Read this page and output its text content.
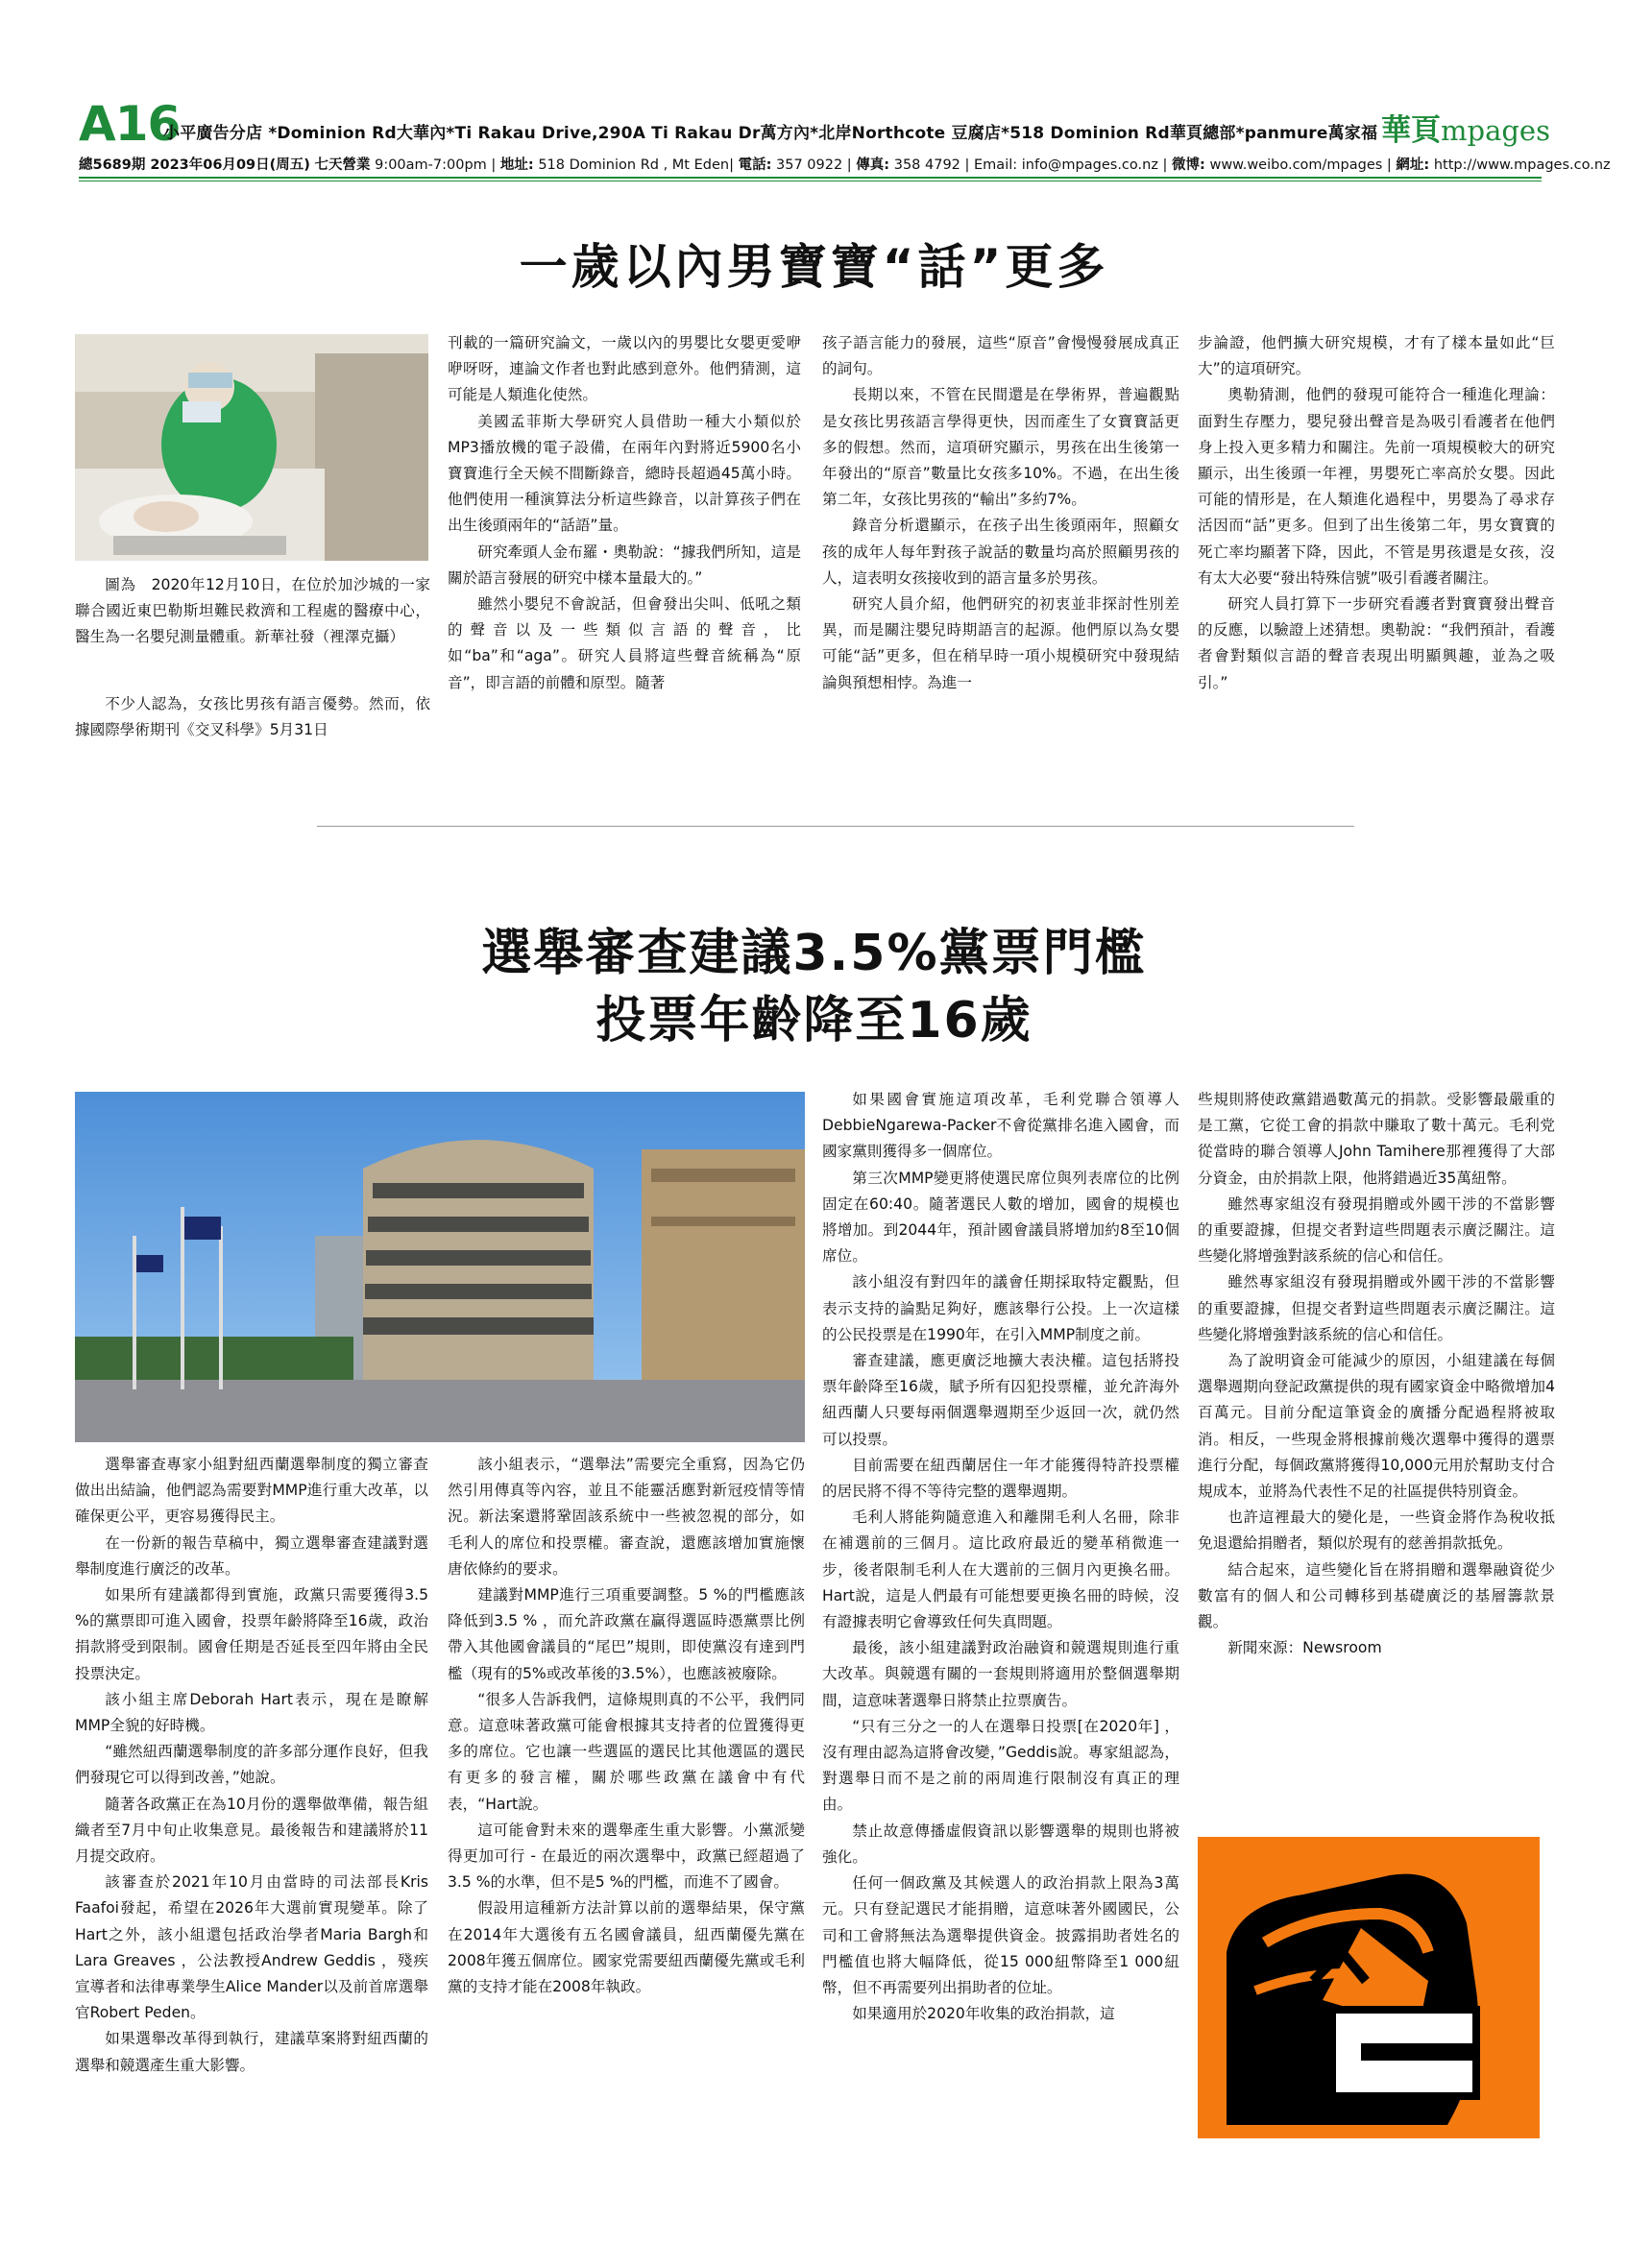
A16
小平廣告分店 *Dominion Rd大華內*Ti Rakau Drive,290A Ti Rakau Dr萬方內*北岸Northcote 豆腐店*518 Dominion Rd華頁總部*panmure萬家福 華頁mpages
總5689期 2023年06月09日(周五) 七天營業 9:00am-7:00pm | 地址: 518 Dominion Rd , Mt Eden| 電話: 357 0922 | 傳真: 358 4792 | Email: info@mpages.co.nz | 微博: www.weibo.com/mpages | 網址: http://www.mpages.co.nz
一歲以內男寶寶“話”更多

圖為　2020年12月10日，在位於加沙城的一家聯合國近東巴勒斯坦難民救濟和工程處的醫療中心，醫生為一名嬰兒測量體重。新華社發（裡澤克攝）

不少人認為，女孩比男孩有語言優勢。然而，依據國際學術期刊《交叉科學》5月31日

刊載的一篇研究論文，一歲以內的男嬰比女嬰更愛咿咿呀呀，連論文作者也對此感到意外。他們猜測，這可能是人類進化使然。

美國孟菲斯大學研究人員借助一種大小類似於MP3播放機的電子設備，在兩年內對將近5900名小寶寶進行全天候不間斷錄音，總時長超過45萬小時。他們使用一種演算法分析這些錄音，以計算孩子們在出生後頭兩年的“話語”量。

研究牽頭人金布羅・奧勒說：“據我們所知，這是關於語言發展的研究中樣本量最大的。”

雖然小嬰兒不會說話，但會發出尖叫、低吼之類的聲音以及一些類似言語的聲音，比如“ba”和“aga”。研究人員將這些聲音統稱為“原音”，即言語的前體和原型。隨著

孩子語言能力的發展，這些“原音”會慢慢發展成真正的詞句。

長期以來，不管在民間還是在學術界，普遍觀點是女孩比男孩語言學得更快，因而產生了女寶寶話更多的假想。然而，這項研究顯示，男孩在出生後第一年發出的“原音”數量比女孩多10%。不過，在出生後第二年，女孩比男孩的“輸出”多約7%。

錄音分析還顯示，在孩子出生後頭兩年，照顧女孩的成年人每年對孩子說話的數量均高於照顧男孩的人，這表明女孩接收到的語言量多於男孩。

研究人員介紹，他們研究的初衷並非探討性別差異，而是關注嬰兒時期語言的起源。他們原以為女嬰可能“話”更多，但在稍早時一項小規模研究中發現結論與預想相悖。為進一

步論證，他們擴大研究規模，才有了樣本量如此“巨大”的這項研究。

奧勒猜測，他們的發現可能符合一種進化理論：面對生存壓力，嬰兒發出聲音是為吸引看護者在他們身上投入更多精力和關注。先前一項規模較大的研究顯示，出生後頭一年裡，男嬰死亡率高於女嬰。因此可能的情形是，在人類進化過程中，男嬰為了尋求存活因而“話”更多。但到了出生後第二年，男女寶寶的死亡率均顯著下降，因此，不管是男孩還是女孩，沒有太大必要“發出特殊信號”吸引看護者關注。

研究人員打算下一步研究看護者對寶寶發出聲音的反應，以驗證上述猜想。奧勒說：“我們預計，看護者會對類似言語的聲音表現出明顯興趣，並為之吸引。”

選舉審查建議3.5%黨票門檻
投票年齡降至16歲

選舉審查專家小組對紐西蘭選舉制度的獨立審查做出出結論，他們認為需要對MMP進行重大改革，以確保更公平，更容易獲得民主。

在一份新的報告草稿中，獨立選舉審查建議對選舉制度進行廣泛的改革。

如果所有建議都得到實施，政黨只需要獲得3.5 %的黨票即可進入國會，投票年齡將降至16歲，政治捐款將受到限制。國會任期是否延長至四年將由全民投票決定。

該小組主席Deborah Hart表示，現在是瞭解MMP全貌的好時機。

“雖然紐西蘭選舉制度的許多部分運作良好，但我們發現它可以得到改善，”她說。

隨著各政黨正在為10月份的選舉做準備，報告組織者至7月中旬止收集意見。最後報告和建議將於11月提交政府。

該審查於2021年10月由當時的司法部長Kris Faafoi發起，希望在2026年大選前實現變革。除了Hart之外，該小組還包括政治學者Maria Bargh和Lara Greaves ，公法教授Andrew Geddis ，殘疾宣導者和法律專業學生Alice Mander以及前首席選舉官Robert Peden。

如果選舉改革得到執行，建議草案將對紐西蘭的選舉和競選產生重大影響。

該小組表示，“選舉法”需要完全重寫，因為它仍然引用傳真等內容，並且不能靈活應對新冠疫情等情況。新法案還將鞏固該系統中一些被忽視的部分，如毛利人的席位和投票權。審查說，還應該增加實施懷唐依條約的要求。

建議對MMP進行三項重要調整。5 %的門檻應該降低到3.5 % ，而允許政黨在贏得選區時憑黨票比例帶入其他國會議員的“尾巴”規則，即使黨沒有達到門檻（現有的5%或改革後的3.5%），也應該被廢除。

“很多人告訴我們，這條規則真的不公平，我們同意。這意味著政黨可能會根據其支持者的位置獲得更多的席位。它也讓一些選區的選民比其他選區的選民有更多的發言權，關於哪些政黨在議會中有代表，“Hart說。

這可能會對未來的選舉產生重大影響。小黨派變得更加可行 - 在最近的兩次選舉中，政黨已經超過了3.5 %的水準，但不是5 %的門檻，而進不了國會。

假設用這種新方法計算以前的選舉結果，保守黨在2014年大選後有五名國會議員，紐西蘭優先黨在2008年獲五個席位。國家党需要紐西蘭優先黨或毛利黨的支持才能在2008年執政。

如果國會實施這項改革，毛利党聯合領導人DebbieNgarewa-Packer不會從黨排名進入國會，而國家黨則獲得多一個席位。

第三次MMP變更將使選民席位與列表席位的比例固定在60:40。隨著選民人數的增加，國會的規模也將增加。到2044年，預計國會議員將增加約8至10個席位。

該小組沒有對四年的議會任期採取特定觀點，但表示支持的論點足夠好，應該舉行公投。上一次這樣的公民投票是在1990年，在引入MMP制度之前。

審查建議，應更廣泛地擴大表決權。這包括將投票年齡降至16歲，賦予所有囚犯投票權，並允許海外紐西蘭人只要每兩個選舉週期至少返回一次，就仍然可以投票。

目前需要在紐西蘭居住一年才能獲得特許投票權的居民將不得不等待完整的選舉週期。

毛利人將能夠隨意進入和離開毛利人名冊，除非在補選前的三個月。這比政府最近的變革稍微進一步，後者限制毛利人在大選前的三個月內更換名冊。Hart說，這是人們最有可能想要更換名冊的時候，沒有證據表明它會導致任何失真問題。

最後，該小組建議對政治融資和競選規則進行重大改革。與競選有關的一套規則將適用於整個選舉期間，這意味著選舉日將禁止拉票廣告。

“只有三分之一的人在選舉日投票[在2020年] ，沒有理由認為這將會改變，”Geddis說。專家組認為，對選舉日而不是之前的兩周進行限制沒有真正的理由。

禁止故意傳播虛假資訊以影響選舉的規則也將被強化。

任何一個政黨及其候選人的政治捐款上限為3萬元。只有登記選民才能捐贈，這意味著外國國民，公司和工會將無法為選舉提供資金。披露捐助者姓名的門檻值也將大幅降低，從15 000紐幣降至1 000紐幣，但不再需要列出捐助者的位址。

如果適用於2020年收集的政治捐款，這

些規則將使政黨錯過數萬元的捐款。受影響最嚴重的是工黨，它從工會的捐款中賺取了數十萬元。毛利党從當時的聯合領導人John Tamihere那裡獲得了大部分資金，由於捐款上限，他將錯過近35萬紐幣。

雖然專家組沒有發現捐贈或外國干涉的不當影響的重要證據，但提交者對這些問題表示廣泛關注。這些變化將增強對該系統的信心和信任。

雖然專家組沒有發現捐贈或外國干涉的不當影響的重要證據，但提交者對這些問題表示廣泛關注。這些變化將增強對該系統的信心和信任。

為了說明資金可能減少的原因，小組建議在每個選舉週期向登記政黨提供的現有國家資金中略微增加4百萬元。目前分配這筆資金的廣播分配過程將被取消。相反，一些現金將根據前幾次選舉中獲得的選票進行分配，每個政黨將獲得10,000元用於幫助支付合規成本，並將為代表性不足的社區提供特別資金。

也許這裡最大的變化是，一些資金將作為稅收抵免退還給捐贈者，類似於現有的慈善捐款抵免。

結合起來，這些變化旨在將捐贈和選舉融資從少數富有的個人和公司轉移到基礎廣泛的基層籌款景觀。

新聞來源：Newsroom
